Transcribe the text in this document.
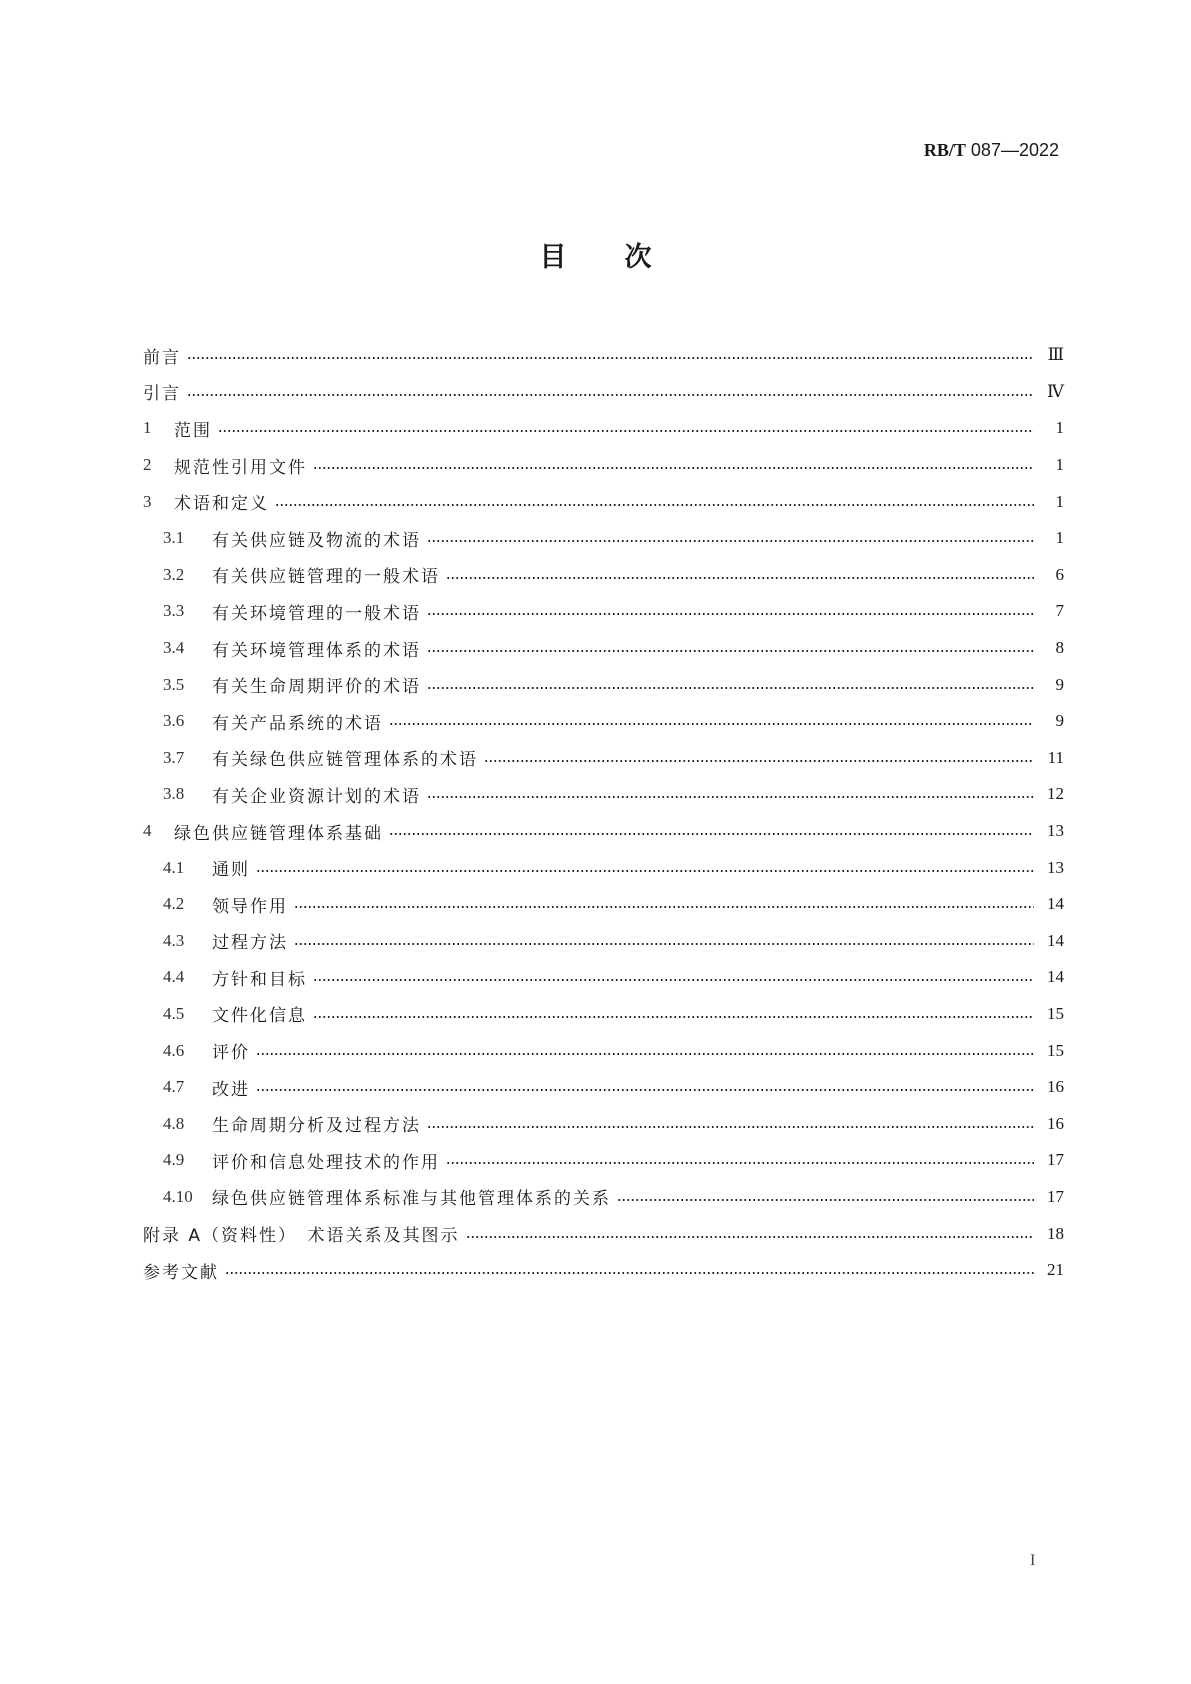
RB/T 087—2022
目次
前言	Ⅲ
引言	Ⅳ
1	范围	1
2	规范性引用文件	1
3	术语和定义	1
3.1	有关供应链及物流的术语	1
3.2	有关供应链管理的一般术语	6
3.3	有关环境管理的一般术语	7
3.4	有关环境管理体系的术语	8
3.5	有关生命周期评价的术语	9
3.6	有关产品系统的术语	9
3.7	有关绿色供应链管理体系的术语	11
3.8	有关企业资源计划的术语	12
4	绿色供应链管理体系基础	13
4.1	通则	13
4.2	领导作用	14
4.3	过程方法	14
4.4	方针和目标	14
4.5	文件化信息	15
4.6	评价	15
4.7	改进	16
4.8	生命周期分析及过程方法	16
4.9	评价和信息处理技术的作用	17
4.10	绿色供应链管理体系标准与其他管理体系的关系	17
附录 A（资料性）　术语关系及其图示	18
参考文献	21
I
